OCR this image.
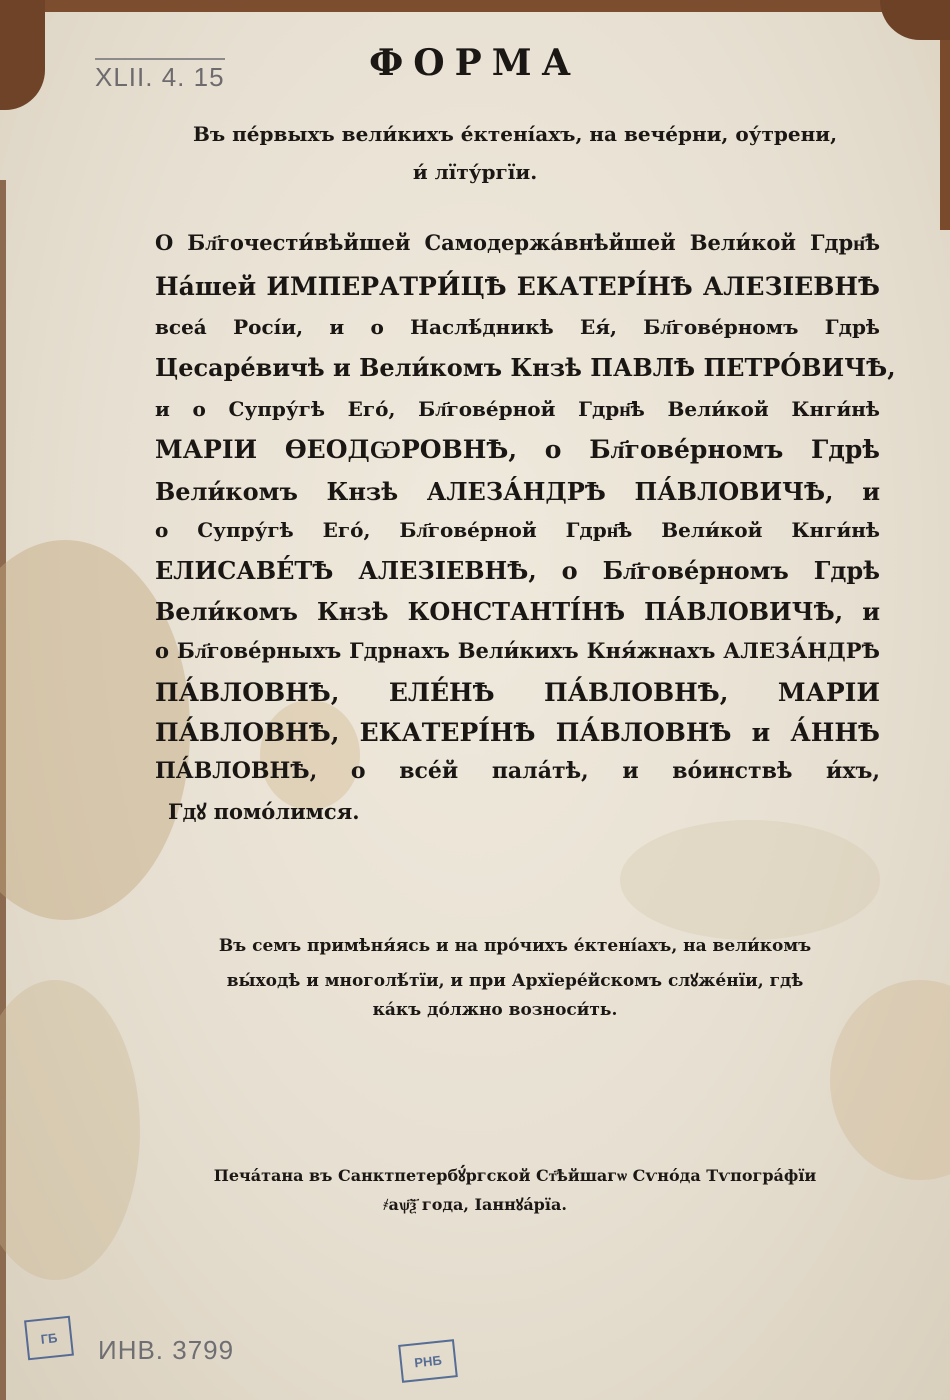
XLII. 4. 15	ФОРМА
Въ пе́рвыхъ вели́кихъ е́ктені́ахъ, на вече́рни, оу́трени,
и́ лїту́ргїи.
О Бл҃гочести́вѣйшей Самодержа́внѣйшей Вели́кой Гдрн҃ѣ
На́шей ИМПЕРАТРИ́ЦѢ ЕКАТЕРІ́НѢ АЛЕЗІЕВНѢ
всеа́ Росі́и, и о Наслѣ́дникѣ Ея́, Бл҃гове́рномъ Гдрѣ
Цесаре́вичѣ и Вели́комъ Кнзѣ ПАВЛѢ ПЕТРО́ВИЧѢ,
и о Супру́гѣ Его́, Бл҃гове́рной Гдрн҃ѣ Вели́кой Кнги́нѣ
МАРІИ ѲЕОДѠРОВНѢ, о Бл҃гове́рномъ Гдрѣ
Вели́комъ Кнзѣ АЛЕЗА́НДРѢ ПА́ВЛОВИЧѢ, и
о Супру́гѣ Его́, Бл҃гове́рной Гдрн҃ѣ Вели́кой Кнги́нѣ
ЕЛИСАВЕ́ТѢ АЛЕЗІЕВНѢ, о Бл҃гове́рномъ Гдрѣ
Вели́комъ Кнзѣ КОНСТАНТІ́НѢ ПА́ВЛОВИЧѢ, и
о Бл҃гове́рныхъ Гдрнахъ Вели́кихъ Кня́жнахъ АЛЕЗА́НДРѢ
ПА́ВЛОВНѢ, ЕЛЕ́НѢ ПА́ВЛОВНѢ, МАРІИ
ПА́ВЛОВНѢ, ЕКАТЕРІ́НѢ ПА́ВЛОВНѢ и А́ННѢ
ПА́ВЛОВНѢ, о все́й пала́тѣ, и во́инствѣ и́хъ,
Гдꙋ помо́лимся.
Въ семъ примѣня́ясь и на про́чихъ е́ктені́ахъ, на вели́комъ
вы́ходѣ и многолѣ́тїи, и при Архїере́йскомъ слꙋже́нїи, гдѣ
ка́къ до́лжно возноси́ть.
Печа́тана въ Санктпетербꙋ́ргской Ст҃ѣйшагѡ Сѵно́да Тѵпогра́фїи
҂аѱ҃ѯ҃ года, Іаннꙋа́рїа.
ГБ	ИНВ. 3799	РНБ
